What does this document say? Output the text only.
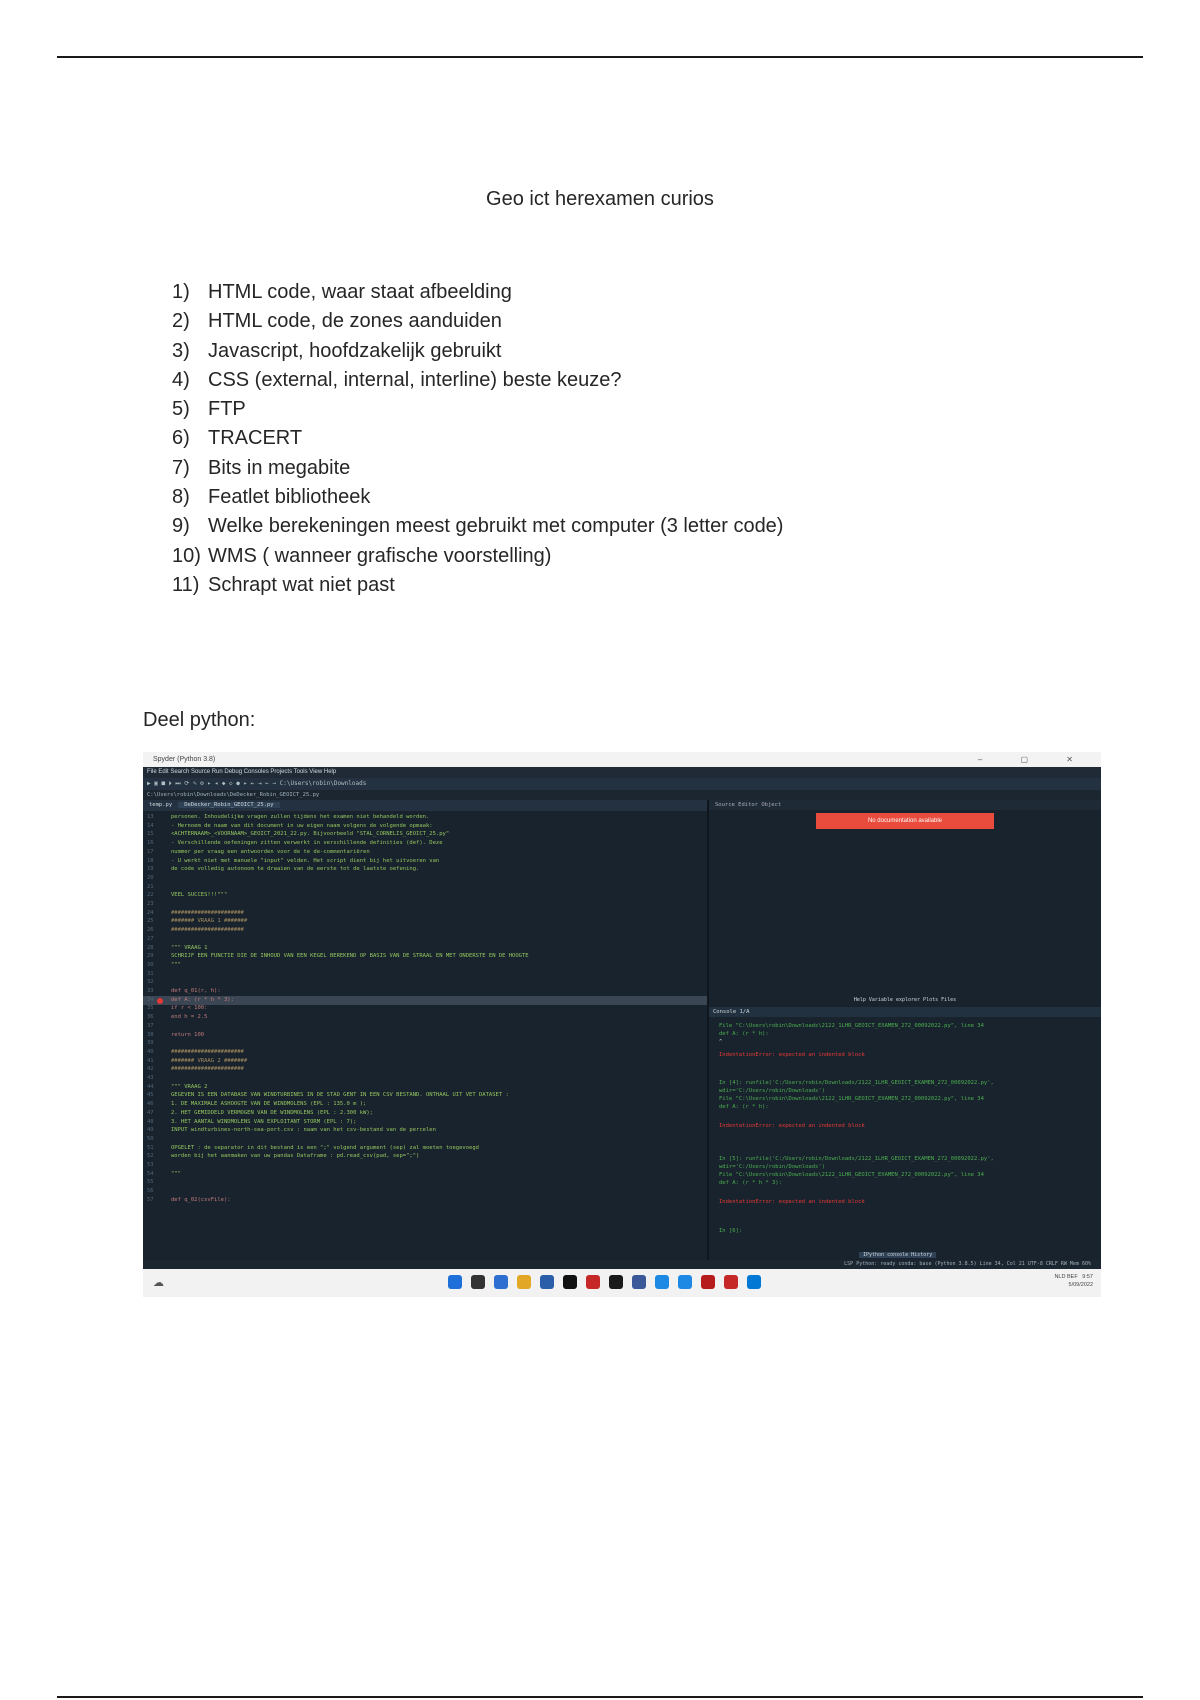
Geo ict herexamen curios
1) HTML code, waar staat afbeelding
2) HTML code, de zones aanduiden
3) Javascript, hoofdzakelijk gebruikt
4) CSS (external, internal, interline) beste keuze?
5) FTP
6) TRACERT
7) Bits in megabite
8) Featlet bibliotheek
9) Welke berekeningen meest gebruikt met computer (3 letter code)
10) WMS ( wanneer grafische voorstelling)
11) Schrapt wat niet past
Deel python:
Spyder (Python 3.8)	– ▢ ✕
File Edit Search Source Run Debug Consoles Projects Tools View Help
▶ ▣ ■ ⏵ ⏭ ⟳ ✎ ⚙ ▸ ◂ ◆ ◇ ● ▸ ⇤ ⇥ ← → C:\Users\robin\Downloads
C:\Users\robin\Downloads\DeDecker_Robin_GEOICT_25.py
temp.py DeDecker_Robin_GEOICT_25.py
13	personen. Inhoudelijke vragen zullen tijdens het examen niet behandeld worden.
14	- Hernoem de naam van dit document in uw eigen naam volgens de volgende opmaak:
15	<ACHTERNAAM>_<VOORNAAM>_GEOICT_2021_22.py. Bijvoorbeeld "STAL_CORNELIS_GEOICT_25.py"
16	- Verschillende oefeningen zitten verwerkt in verschillende definities (def). Deze
17	nummer per vraag een antwoorden voor de te de-commentariëren
18	- U werkt niet met manuele "input" velden. Het script dient bij het uitvoeren van
19	de code volledig autonoom te draaien van de eerste tot de laatste oefening.
20
21
22	VEEL SUCCES!!!"""
23
24	######################
25	####### VRAAG 1 #######
26	######################
27
28	""" VRAAG 1
29	SCHRIJF EEN FUNCTIE DIE DE INHOUD VAN EEN KEGEL BEREKEND OP BASIS VAN DE STRAAL EN MET ONDERSTE EN DE HOOGTE
30	"""
31
32
33	def q_01(r, h):
34	def A: (r * h * 3):
35	if r < 100:
36	end h = 2.5
37
38	return 100
39
40	######################
41	####### VRAAG 2 #######
42	######################
43
44	""" VRAAG 2
45	GEGEVEN IS EEN DATABASE VAN WINDTURBINES IN DE STAD GENT IN EEN CSV BESTAND. ONTHAAL UIT VET DATASET :
46	1. DE MAXIMALE ASHOOGTE VAN DE WINDMOLENS (EPL : 135.0 m );
47	2. HET GEMIDDELD VERMOGEN VAN DE WINDMOLENS (EPL : 2.300 kW);
48	3. HET AANTAL WINDMOLENS VAN EXPLOITANT STORM (EPL : 7);
49	INPUT windturbines-north-sea-port.csv : naam van het csv-bestand van de percelen
50
51	OPGELET : de separator in dit bestand is een ";" volgend argument (sep) zal moeten toegevoegd
52	worden bij het aanmaken van uw pandas Dataframe : pd.read_csv(pad, sep=";")
53
54	"""
55
56
57	def q_02(csvFile):
Source Editor Object
No documentation available
Help Variable explorer Plots Files
Console 1/A
File "C:\Users\robin\Downloads\2122_1LHR_GEOICT_EXAMEN_272_00092022.py", line 34
def A: (r * h):
^
IndentationError: expected an indented block
In [4]: runfile('C:/Users/robin/Downloads/2122_1LHR_GEOICT_EXAMEN_272_00092022.py',
wdir='C:/Users/robin/Downloads')
File "C:\Users\robin\Downloads\2122_1LHR_GEOICT_EXAMEN_272_00092022.py", line 34
def A: (r * h):
IndentationError: expected an indented block
In [5]: runfile('C:/Users/robin/Downloads/2122_1LHR_GEOICT_EXAMEN_272_00092022.py',
wdir='C:/Users/robin/Downloads')
File "C:\Users\robin\Downloads\2122_1LHR_GEOICT_EXAMEN_272_00092022.py", line 34
def A: (r * h * 3):
IndentationError: expected an indented block
In [6]:
IPython console History
LSP Python: ready conda: base (Python 3.8.5) Line 34, Col 21 UTF-8 CRLF RW Mem 60%
☁	NLD BEF 9:57
5/09/2022
